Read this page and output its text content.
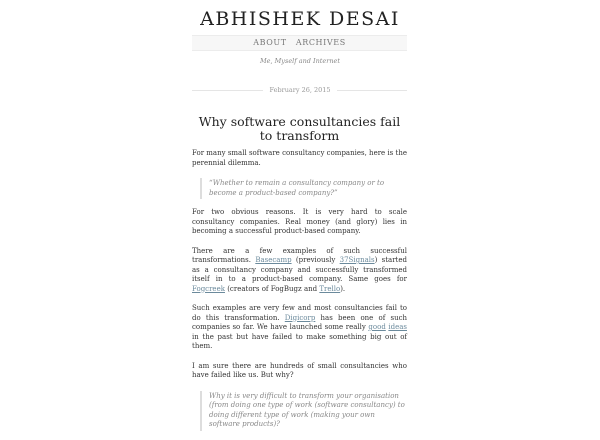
ABHISHEK DESAI
ABOUT ARCHIVES
Me, Myself and Internet
February 26, 2015
Why software consultancies fail to transform

For many small software consultancy companies, here is the perennial dilemma.

“Whether to remain a consultancy company or to become a product-based company?”

For two obvious reasons. It is very hard to scale consultancy companies. Real money (and glory) lies in becoming a successful product-based company.

There are a few examples of such successful transformations. Basecamp (previously 37Signals) started as a consultancy company and successfully transformed itself in to a product-based company. Same goes for Fogcreek (creators of FogBugz and Trello).

Such examples are very few and most consultancies fail to do this transformation. Digicorp has been one of such companies so far. We have launched some really good ideas in the past but have failed to make something big out of them.

I am sure there are hundreds of small consultancies who have failed like us. But why?

Why it is very difficult to transform your organisation (from doing one type of work (software consultancy) to doing different type of work (making your own software products)?
